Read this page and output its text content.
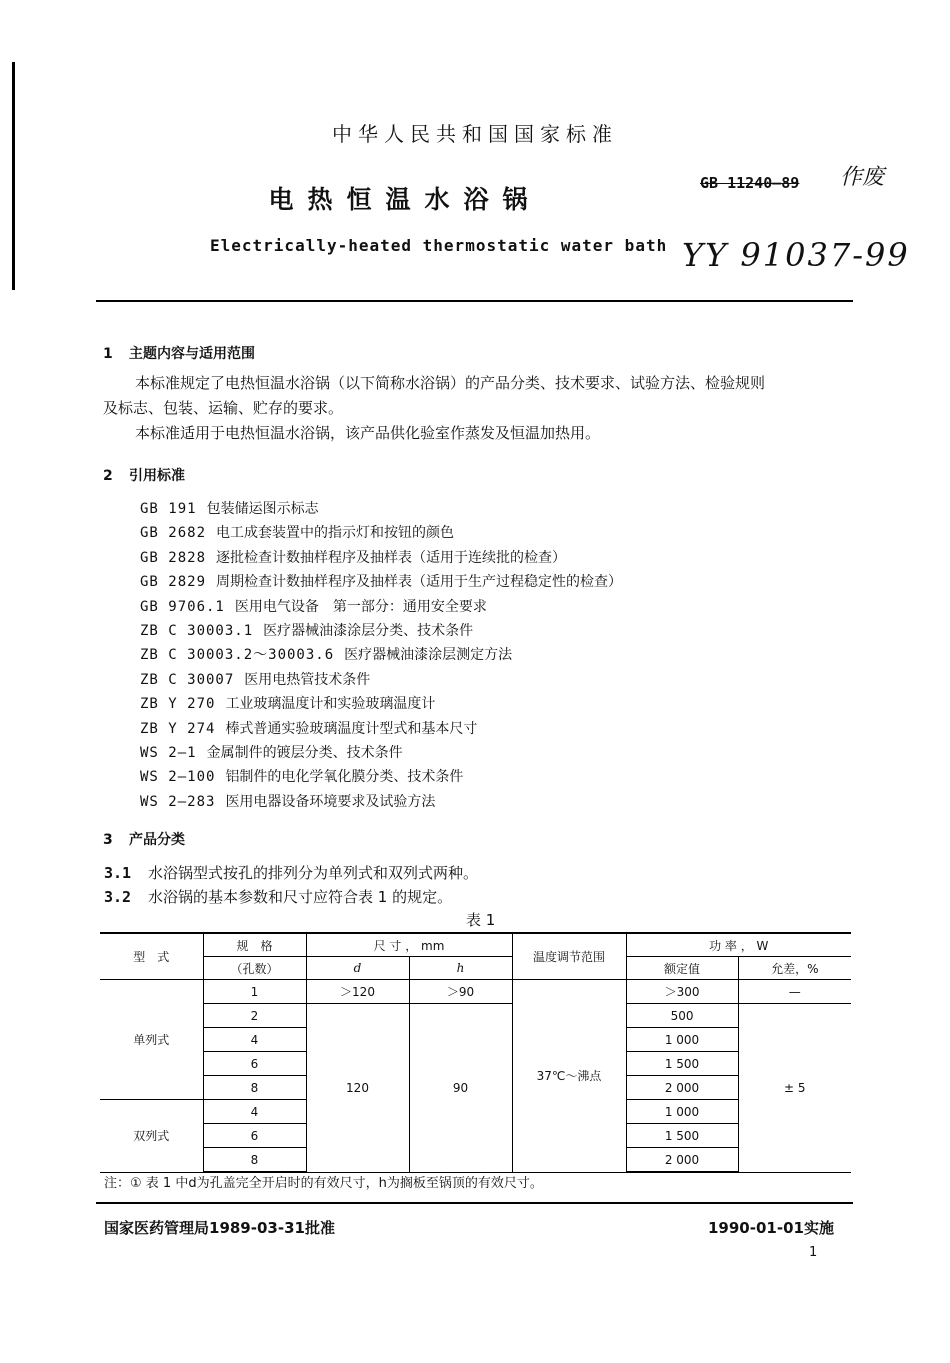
中华人民共和国国家标准
电热恒温水浴锅
Electrically-heated thermostatic water bath
GB 11240—89 作废
YY 91037-99
1 主题内容与适用范围
本标准规定了电热恒温水浴锅（以下简称水浴锅）的产品分类、技术要求、试验方法、检验规则
及标志、包装、运输、贮存的要求。
本标准适用于电热恒温水浴锅，该产品供化验室作蒸发及恒温加热用。
2 引用标准
GB 191 包装储运图示标志
GB 2682 电工成套装置中的指示灯和按钮的颜色
GB 2828 逐批检查计数抽样程序及抽样表（适用于连续批的检查）
GB 2829 周期检查计数抽样程序及抽样表（适用于生产过程稳定性的检查）
GB 9706.1 医用电气设备　第一部分：通用安全要求
ZB C 30003.1 医疗器械油漆涂层分类、技术条件
ZB C 30003.2～30003.6 医疗器械油漆涂层测定方法
ZB C 30007 医用电热管技术条件
ZB Y 270 工业玻璃温度计和实验玻璃温度计
ZB Y 274 棒式普通实验玻璃温度计型式和基本尺寸
WS 2—1 金属制件的镀层分类、技术条件
WS 2—100 铝制件的电化学氧化膜分类、技术条件
WS 2—283 医用电器设备环境要求及试验方法
3 产品分类
3.1 水浴锅型式按孔的排列分为单列式和双列式两种。
3.2 水浴锅的基本参数和尺寸应符合表 1 的规定。
表 1
型　式	规　格	尺 寸 ， mm		温度调节范围	功 率 ， W	
	（孔数）	d	h		额定值	允差，%
单列式	1	＞120	＞90	37℃～沸点	＞300	—
	2	120	90		500	± 5
	4				1 000	
	6				1 500	
	8				2 000	
双列式	4				1 000	
	6				1 500	
	8				2 000	
注：① 表 1 中d为孔盖完全开启时的有效尺寸，h为搁板至锅顶的有效尺寸。
国家医药管理局1989-03-31批准	1990-01-01实施
1
